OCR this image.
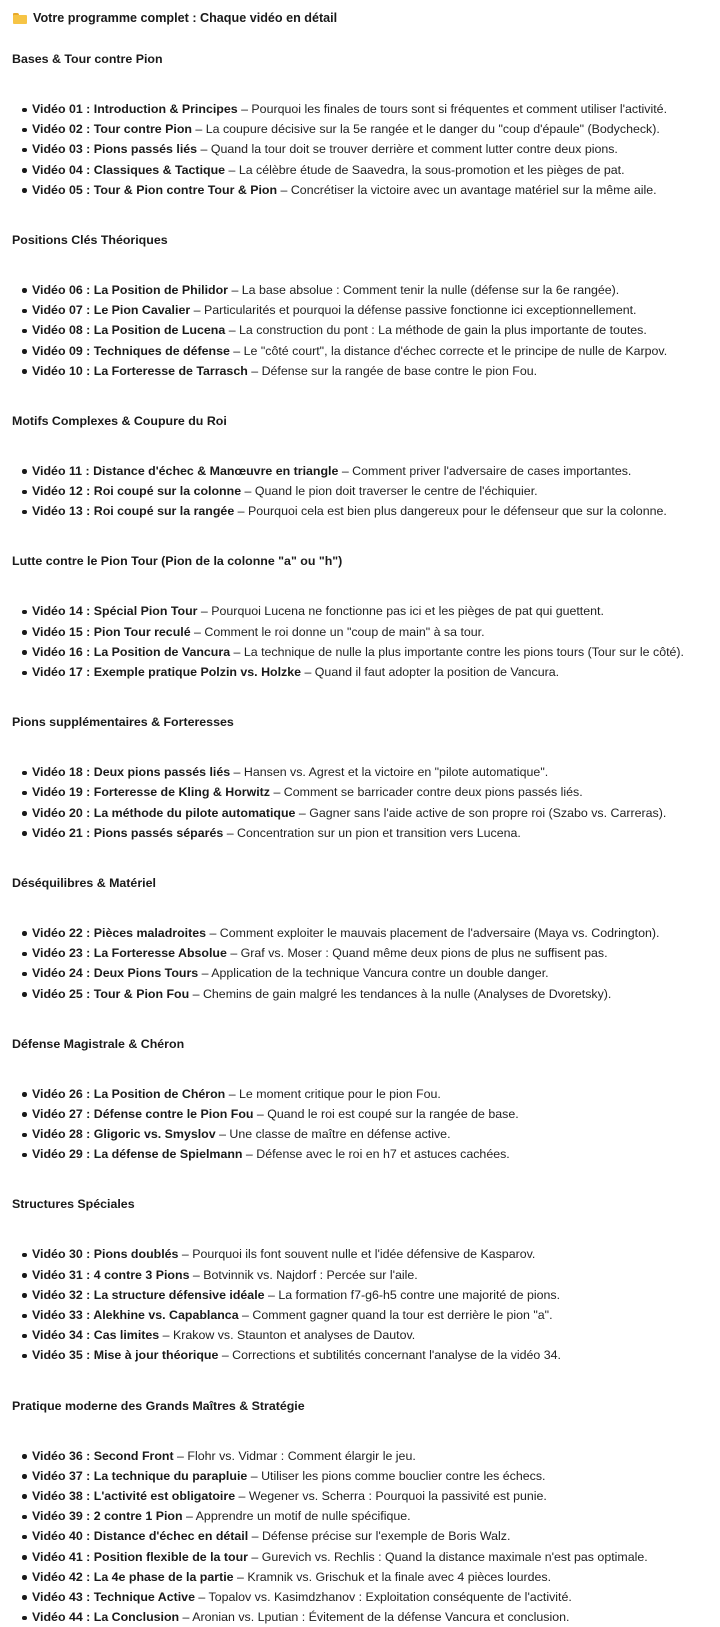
Votre programme complet : Chaque vidéo en détail
Bases & Tour contre Pion
Vidéo 01 : Introduction & Principes – Pourquoi les finales de tours sont si fréquentes et comment utiliser l'activité.
Vidéo 02 : Tour contre Pion – La coupure décisive sur la 5e rangée et le danger du "coup d'épaule" (Bodycheck).
Vidéo 03 : Pions passés liés – Quand la tour doit se trouver derrière et comment lutter contre deux pions.
Vidéo 04 : Classiques & Tactique – La célèbre étude de Saavedra, la sous-promotion et les pièges de pat.
Vidéo 05 : Tour & Pion contre Tour & Pion – Concrétiser la victoire avec un avantage matériel sur la même aile.
Positions Clés Théoriques
Vidéo 06 : La Position de Philidor – La base absolue : Comment tenir la nulle (défense sur la 6e rangée).
Vidéo 07 : Le Pion Cavalier – Particularités et pourquoi la défense passive fonctionne ici exceptionnellement.
Vidéo 08 : La Position de Lucena – La construction du pont : La méthode de gain la plus importante de toutes.
Vidéo 09 : Techniques de défense – Le "côté court", la distance d'échec correcte et le principe de nulle de Karpov.
Vidéo 10 : La Forteresse de Tarrasch – Défense sur la rangée de base contre le pion Fou.
Motifs Complexes & Coupure du Roi
Vidéo 11 : Distance d'échec & Manœuvre en triangle – Comment priver l'adversaire de cases importantes.
Vidéo 12 : Roi coupé sur la colonne – Quand le pion doit traverser le centre de l'échiquier.
Vidéo 13 : Roi coupé sur la rangée – Pourquoi cela est bien plus dangereux pour le défenseur que sur la colonne.
Lutte contre le Pion Tour (Pion de la colonne "a" ou "h")
Vidéo 14 : Spécial Pion Tour – Pourquoi Lucena ne fonctionne pas ici et les pièges de pat qui guettent.
Vidéo 15 : Pion Tour reculé – Comment le roi donne un "coup de main" à sa tour.
Vidéo 16 : La Position de Vancura – La technique de nulle la plus importante contre les pions tours (Tour sur le côté).
Vidéo 17 : Exemple pratique Polzin vs. Holzke – Quand il faut adopter la position de Vancura.
Pions supplémentaires & Forteresses
Vidéo 18 : Deux pions passés liés – Hansen vs. Agrest et la victoire en "pilote automatique".
Vidéo 19 : Forteresse de Kling & Horwitz – Comment se barricader contre deux pions passés liés.
Vidéo 20 : La méthode du pilote automatique – Gagner sans l'aide active de son propre roi (Szabo vs. Carreras).
Vidéo 21 : Pions passés séparés – Concentration sur un pion et transition vers Lucena.
Déséquilibres & Matériel
Vidéo 22 : Pièces maladroites – Comment exploiter le mauvais placement de l'adversaire (Maya vs. Codrington).
Vidéo 23 : La Forteresse Absolue – Graf vs. Moser : Quand même deux pions de plus ne suffisent pas.
Vidéo 24 : Deux Pions Tours – Application de la technique Vancura contre un double danger.
Vidéo 25 : Tour & Pion Fou – Chemins de gain malgré les tendances à la nulle (Analyses de Dvoretsky).
Défense Magistrale & Chéron
Vidéo 26 : La Position de Chéron – Le moment critique pour le pion Fou.
Vidéo 27 : Défense contre le Pion Fou – Quand le roi est coupé sur la rangée de base.
Vidéo 28 : Gligoric vs. Smyslov – Une classe de maître en défense active.
Vidéo 29 : La défense de Spielmann – Défense avec le roi en h7 et astuces cachées.
Structures Spéciales
Vidéo 30 : Pions doublés – Pourquoi ils font souvent nulle et l'idée défensive de Kasparov.
Vidéo 31 : 4 contre 3 Pions – Botvinnik vs. Najdorf : Percée sur l'aile.
Vidéo 32 : La structure défensive idéale – La formation f7-g6-h5 contre une majorité de pions.
Vidéo 33 : Alekhine vs. Capablanca – Comment gagner quand la tour est derrière le pion "a".
Vidéo 34 : Cas limites – Krakow vs. Staunton et analyses de Dautov.
Vidéo 35 : Mise à jour théorique – Corrections et subtilités concernant l'analyse de la vidéo 34.
Pratique moderne des Grands Maîtres & Stratégie
Vidéo 36 : Second Front – Flohr vs. Vidmar : Comment élargir le jeu.
Vidéo 37 : La technique du parapluie – Utiliser les pions comme bouclier contre les échecs.
Vidéo 38 : L'activité est obligatoire – Wegener vs. Scherra : Pourquoi la passivité est punie.
Vidéo 39 : 2 contre 1 Pion – Apprendre un motif de nulle spécifique.
Vidéo 40 : Distance d'échec en détail – Défense précise sur l'exemple de Boris Walz.
Vidéo 41 : Position flexible de la tour – Gurevich vs. Rechlis : Quand la distance maximale n'est pas optimale.
Vidéo 42 : La 4e phase de la partie – Kramnik vs. Grischuk et la finale avec 4 pièces lourdes.
Vidéo 43 : Technique Active – Topalov vs. Kasimdzhanov : Exploitation conséquente de l'activité.
Vidéo 44 : La Conclusion – Aronian vs. Lputian : Évitement de la défense Vancura et conclusion.
